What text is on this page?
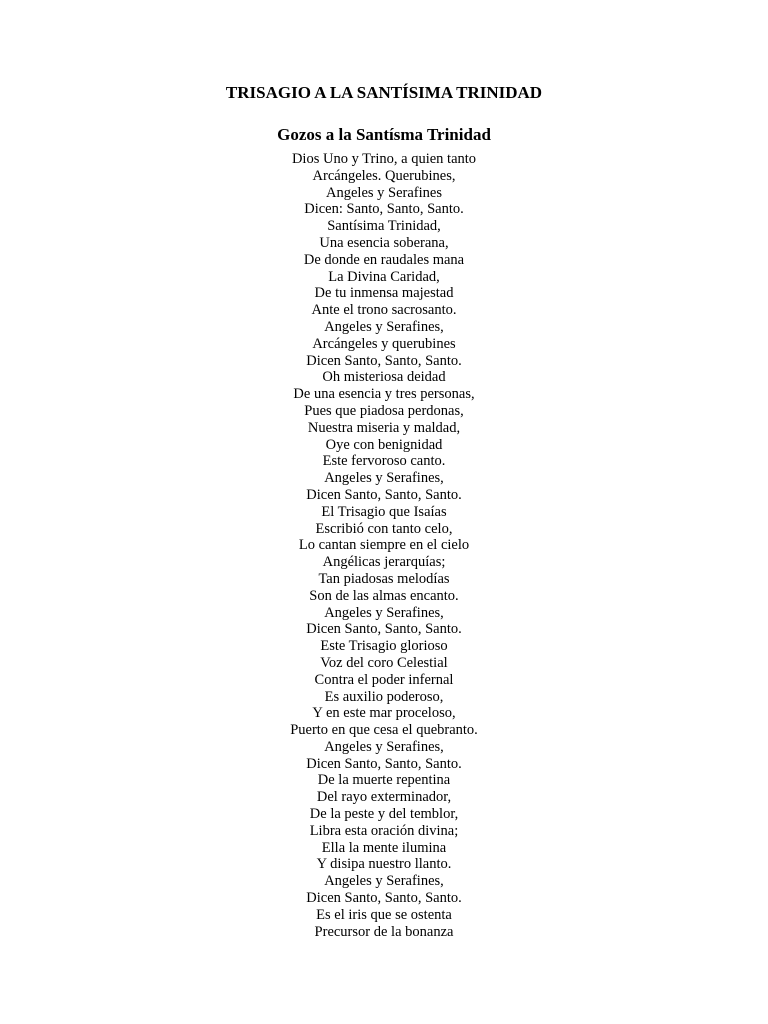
TRISAGIO A LA SANTÍSIMA TRINIDAD
Gozos a la Santísma Trinidad
Dios Uno y Trino, a quien tanto
Arcángeles. Querubines,
Angeles y Serafines
Dicen: Santo, Santo, Santo.
Santísima Trinidad,
Una esencia soberana,
De donde en raudales mana
La Divina Caridad,
De tu inmensa majestad
Ante el trono sacrosanto.
Angeles y Serafines,
Arcángeles y querubines
Dicen Santo, Santo, Santo.
Oh misteriosa deidad
De una esencia y tres personas,
Pues que piadosa perdonas,
Nuestra miseria y maldad,
Oye con benignidad
Este fervoroso canto.
Angeles y Serafines,
Dicen Santo, Santo, Santo.
El Trisagio que Isaías
Escribió con tanto celo,
Lo cantan siempre en el cielo
Angélicas jerarquías;
Tan piadosas melodías
Son de las almas encanto.
Angeles y Serafines,
Dicen Santo, Santo, Santo.
Este Trisagio glorioso
Voz del coro Celestial
Contra el poder infernal
Es auxilio poderoso,
Y en este mar proceloso,
Puerto en que cesa el quebranto.
Angeles y Serafines,
Dicen Santo, Santo, Santo.
De la muerte repentina
Del rayo exterminador,
De la peste y del temblor,
Libra esta oración divina;
Ella la mente ilumina
Y disipa nuestro llanto.
Angeles y Serafines,
Dicen Santo, Santo, Santo.
Es el iris que se ostenta
Precursor de la bonanza
